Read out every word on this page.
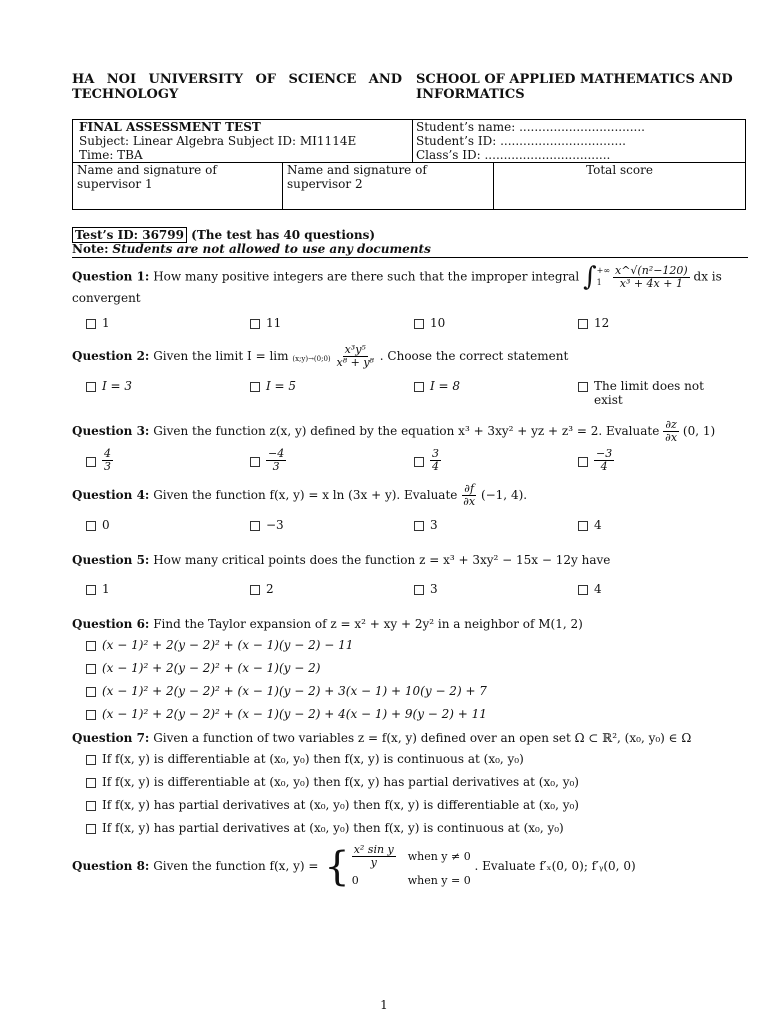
HA NOI UNIVERSITY OF SCIENCE AND TECHNOLOGY
SCHOOL OF APPLIED MATHEMATICS AND INFORMATICS
FINAL ASSESSMENT TEST
Subject: Linear Algebra Subject ID: MI1114E
Time: TBA
Student’s name: .................................
Student’s ID: .................................
Class’s ID: .................................
Name and signature of supervisor 1
Name and signature of supervisor 2
Total score
Test’s ID: 36799 (The test has 40 questions)
Note: Students are not allowed to use any documents
Question 1: How many positive integers are there such that the improper integral ∫ +∞
1	$\frac{\text{x\textasciicircum{}√(n²−120)}}{\text{x³ + 4x + 1}}$ dx is convergent
1	11	10	12
Question 2: Given the limit I = lim (x;y)→(0;0) $\frac{\text{x³y⁵}}{\text{x⁸ + y⁸}}$ . Choose the correct statement
I = 3	I = 5	I = 8	The limit does not exist
Question 3: Given the function z(x, y) defined by the equation x³ + 3xy² + yz + z³ = 2. Evaluate $\frac{\partial z}{\partial x} (0$, 1)
$\frac{4}{3}$	$\frac{-4}{3}$	$\frac{3}{4}$	$\frac{-3}{4}$
Question 4: Given the function f(x, y) = x ln (3x + y). Evaluate $\frac{\partial f}{\partial x} (-1$, 4).
0	−3	3	4
Question 5: How many critical points does the function z = x³ + 3xy² − 15x − 12y have
1	2	3	4
Question 6: Find the Taylor expansion of z = x² + xy + 2y² in a neighbor of M(1, 2)
(x − 1)² + 2(y − 2)² + (x − 1)(y − 2) − 11
(x − 1)² + 2(y − 2)² + (x − 1)(y − 2)
(x − 1)² + 2(y − 2)² + (x − 1)(y − 2) + 3(x − 1) + 10(y − 2) + 7
(x − 1)² + 2(y − 2)² + (x − 1)(y − 2) + 4(x − 1) + 9(y − 2) + 11
Question 7: Given a function of two variables z = f(x, y) defined over an open set Ω ⊂ ℝ², (x₀, y₀) ∈ Ω
If f(x, y) is differentiable at (x₀, y₀) then f(x, y) is continuous at (x₀, y₀)
If f(x, y) is differentiable at (x₀, y₀) then f(x, y) has partial derivatives at (x₀, y₀)
If f(x, y) has partial derivatives at (x₀, y₀) then f(x, y) is differentiable at (x₀, y₀)
If f(x, y) has partial derivatives at (x₀, y₀) then f(x, y) is continuous at (x₀, y₀)
Question 8: Given the function f(x, y) = { $\frac{\text{x² sin y}}{y}$ when y ≠ 0
0	when y = 0
. Evaluate f′ₓ(0, 0); f′ᵧ(0, 0)
1
